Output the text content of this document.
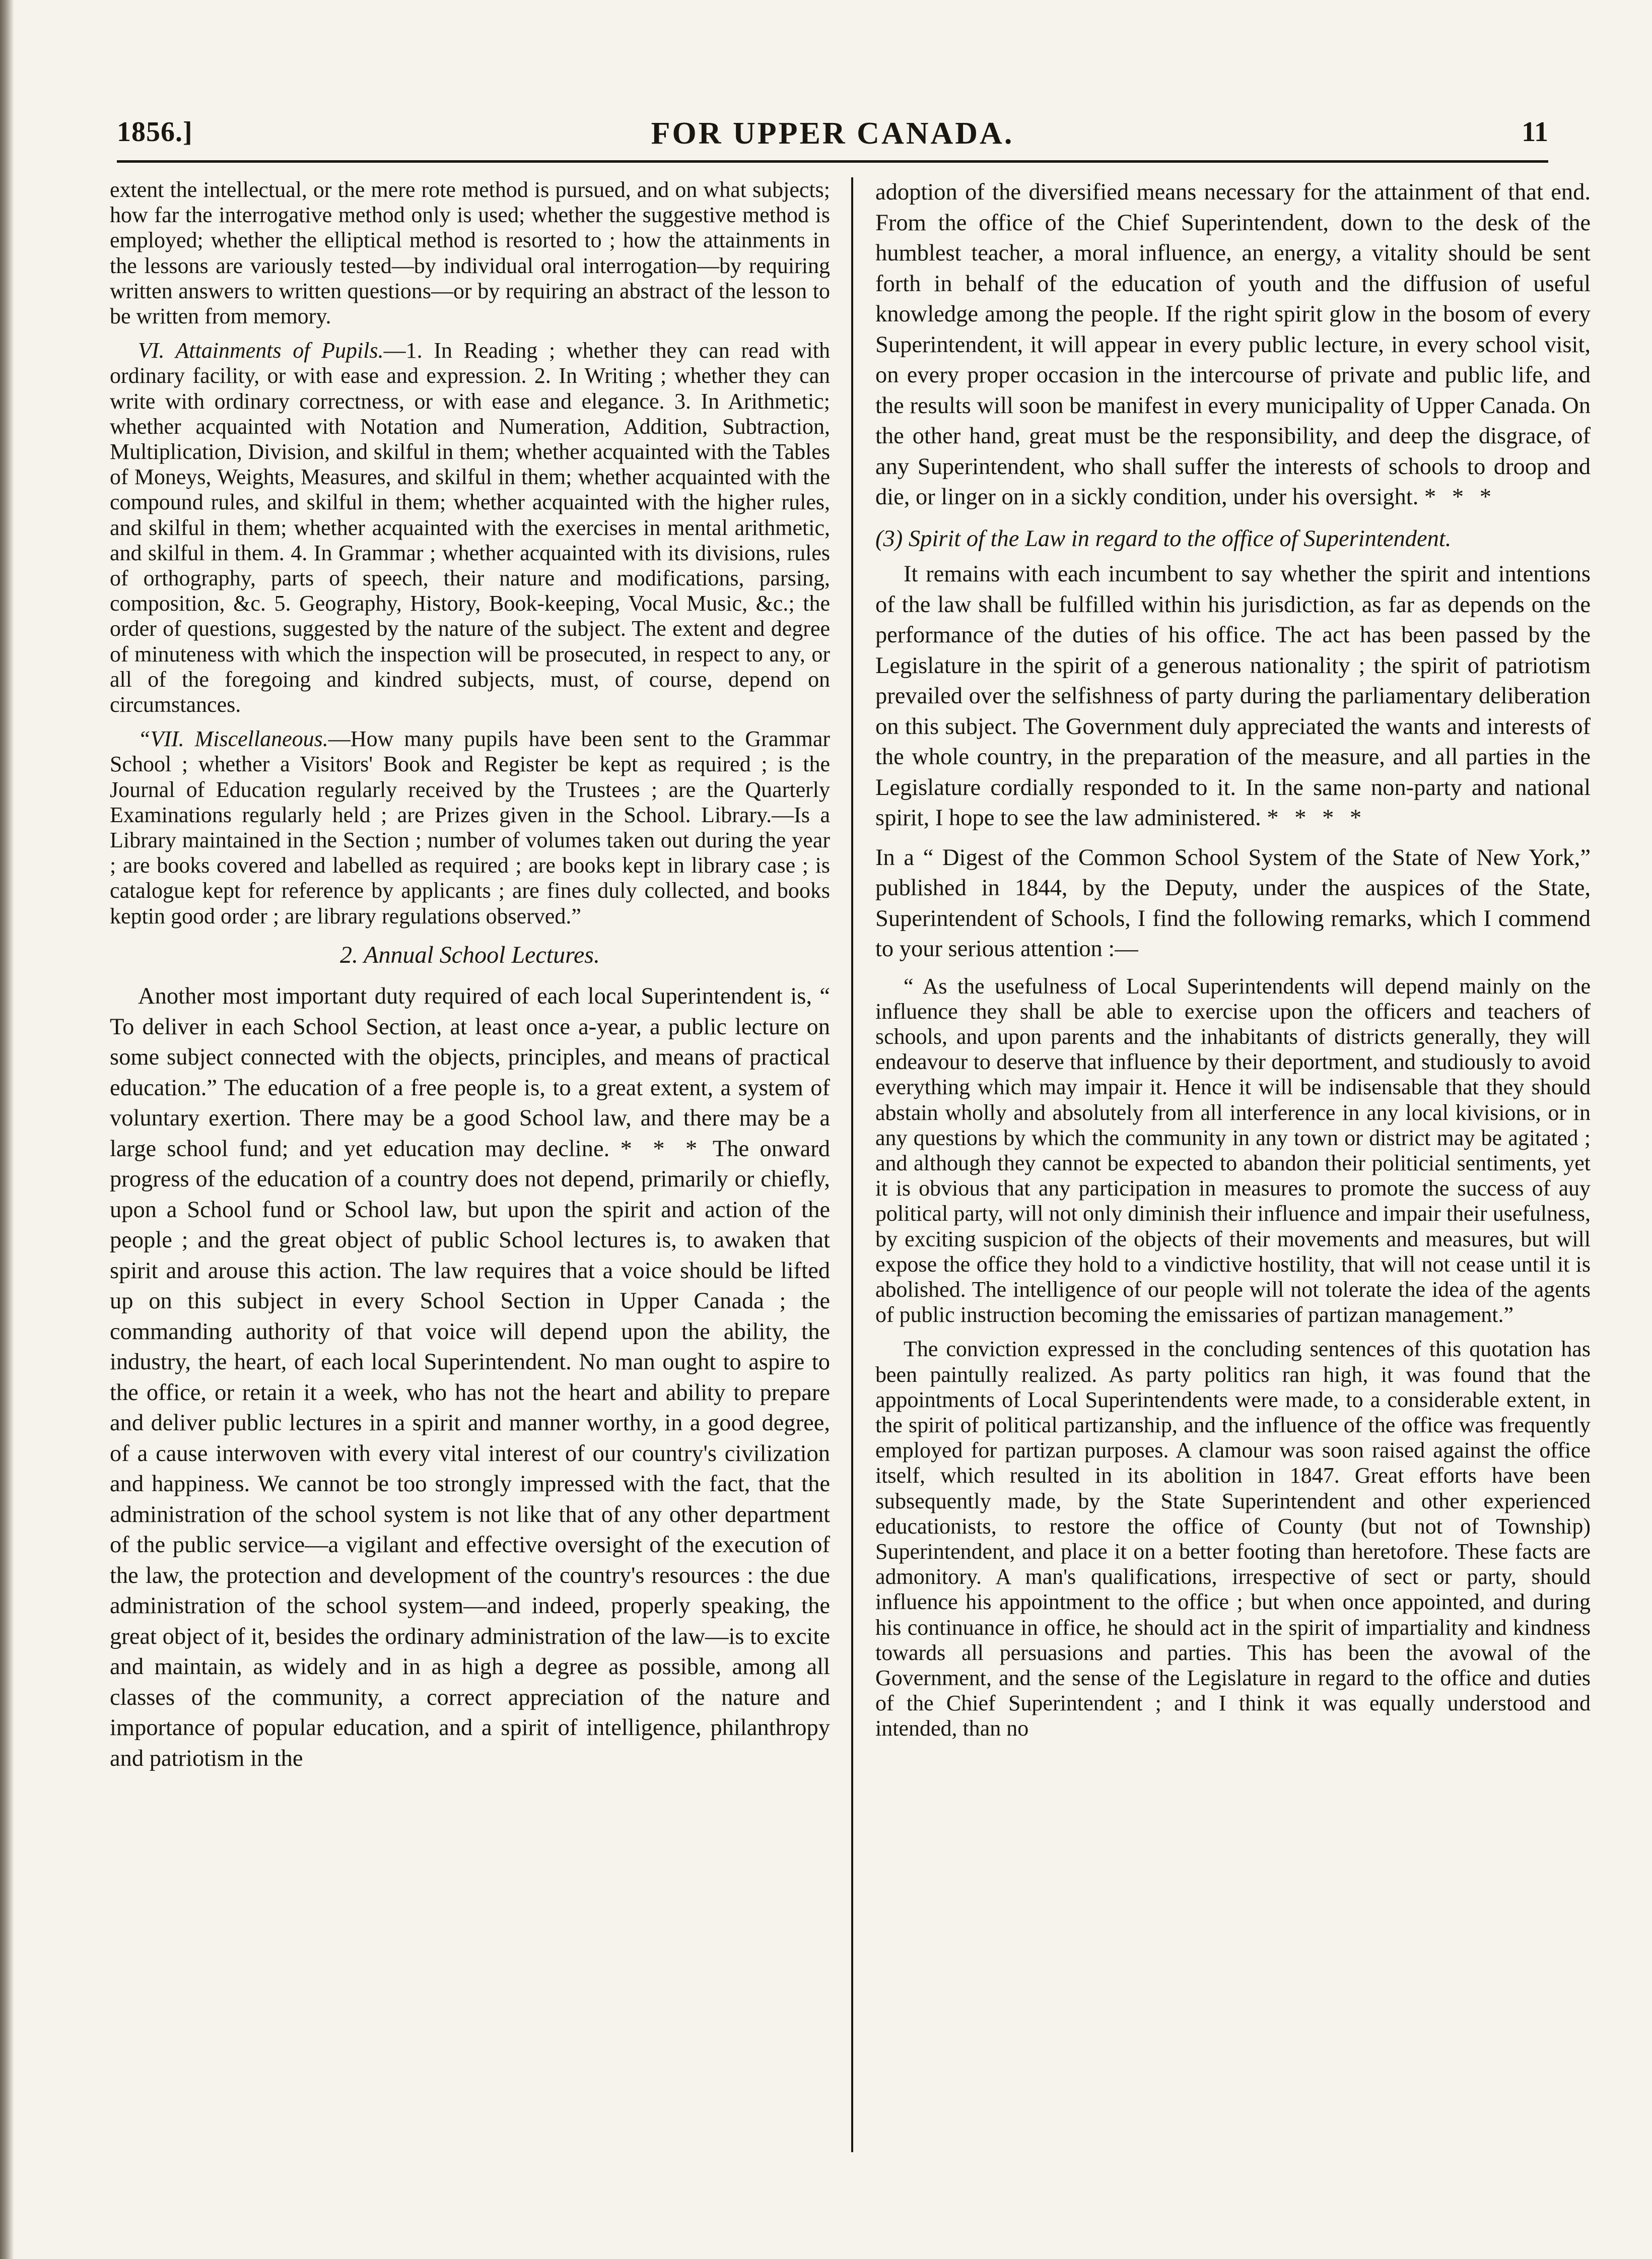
1856.]	FOR UPPER CANADA.	11

extent the intellectual, or the mere rote method is pursued, and on what subjects; how far the interrogative method only is used; whether the suggestive method is employed; whether the elliptical method is resorted to ; how the attainments in the lessons are variously tested—by individual oral interrogation—by requiring written answers to written questions—or by requiring an abstract of the lesson to be written from memory.

VI. Attainments of Pupils.—1. In Reading ; whether they can read with ordinary facility, or with ease and expression. 2. In Writing ; whether they can write with ordinary correctness, or with ease and elegance. 3. In Arithmetic; whether acquainted with Notation and Numeration, Addition, Subtraction, Multiplication, Division, and skilful in them; whether acquainted with the Tables of Moneys, Weights, Measures, and skilful in them; whether acquainted with the compound rules, and skilful in them; whether acquainted with the higher rules, and skilful in them; whether acquainted with the exercises in mental arithmetic, and skilful in them. 4. In Grammar ; whether acquainted with its divisions, rules of orthography, parts of speech, their nature and modifications, parsing, composition, &c. 5. Geography, History, Book-keeping, Vocal Music, &c.; the order of questions, suggested by the nature of the subject. The extent and degree of minuteness with which the inspection will be prosecuted, in respect to any, or all of the foregoing and kindred subjects, must, of course, depend on circumstances.

“VII. Miscellaneous.—How many pupils have been sent to the Grammar School ; whether a Visitors' Book and Register be kept as required ; is the Journal of Education regularly received by the Trustees ; are the Quarterly Examinations regularly held ; are Prizes given in the School. Library.—Is a Library maintained in the Section ; number of volumes taken out during the year ; are books covered and labelled as required ; are books kept in library case ; is catalogue kept for reference by applicants ; are fines duly collected, and books keptin good order ; are library regulations observed.”

2. Annual School Lectures.

Another most important duty required of each local Superintendent is, “ To deliver in each School Section, at least once a-year, a public lecture on some subject connected with the objects, principles, and means of practical education.” The education of a free people is, to a great extent, a system of voluntary exertion. There may be a good School law, and there may be a large school fund; and yet education may decline. * * * The onward progress of the education of a country does not depend, primarily or chiefly, upon a School fund or School law, but upon the spirit and action of the people ; and the great object of public School lectures is, to awaken that spirit and arouse this action. The law requires that a voice should be lifted up on this subject in every School Section in Upper Canada ; the commanding authority of that voice will depend upon the ability, the industry, the heart, of each local Superintendent. No man ought to aspire to the office, or retain it a week, who has not the heart and ability to prepare and deliver public lectures in a spirit and manner worthy, in a good degree, of a cause interwoven with every vital interest of our country's civilization and happiness. We cannot be too strongly impressed with the fact, that the administration of the school system is not like that of any other department of the public service—a vigilant and effective oversight of the execution of the law, the protection and development of the country's resources : the due administration of the school system—and indeed, properly speaking, the great object of it, besides the ordinary administration of the law—is to excite and maintain, as widely and in as high a degree as possible, among all classes of the community, a correct appreciation of the nature and importance of popular education, and a spirit of intelligence, philanthropy and patriotism in the

adoption of the diversified means necessary for the attainment of that end. From the office of the Chief Superintendent, down to the desk of the humblest teacher, a moral influence, an energy, a vitality should be sent forth in behalf of the education of youth and the diffusion of useful knowledge among the people. If the right spirit glow in the bosom of every Superintendent, it will appear in every public lecture, in every school visit, on every proper occasion in the intercourse of private and public life, and the results will soon be manifest in every municipality of Upper Canada. On the other hand, great must be the responsibility, and deep the disgrace, of any Superintendent, who shall suffer the interests of schools to droop and die, or linger on in a sickly condition, under his oversight. * * *

(3) Spirit of the Law in regard to the office of Superintendent.

It remains with each incumbent to say whether the spirit and intentions of the law shall be fulfilled within his jurisdiction, as far as depends on the performance of the duties of his office. The act has been passed by the Legislature in the spirit of a generous nationality ; the spirit of patriotism prevailed over the selfishness of party during the parliamentary deliberation on this subject. The Government duly appreciated the wants and interests of the whole country, in the preparation of the measure, and all parties in the Legislature cordially responded to it. In the same non-party and national spirit, I hope to see the law administered. * * * *

In a “ Digest of the Common School System of the State of New York,” published in 1844, by the Deputy, under the auspices of the State, Superintendent of Schools, I find the following remarks, which I commend to your serious attention :—

“ As the usefulness of Local Superintendents will depend mainly on the influence they shall be able to exercise upon the officers and teachers of schools, and upon parents and the inhabitants of districts generally, they will endeavour to deserve that influence by their deportment, and studiously to avoid everything which may impair it. Hence it will be indisensable that they should abstain wholly and absolutely from all interference in any local kivisions, or in any questions by which the community in any town or district may be agitated ; and although they cannot be expected to abandon their politicial sentiments, yet it is obvious that any participation in measures to promote the success of auy political party, will not only diminish their influence and impair their usefulness, by exciting suspicion of the objects of their movements and measures, but will expose the office they hold to a vindictive hostility, that will not cease until it is abolished. The intelligence of our people will not tolerate the idea of the agents of public instruction becoming the emissaries of partizan management.”

The conviction expressed in the concluding sentences of this quotation has been paintully realized. As party politics ran high, it was found that the appointments of Local Superintendents were made, to a considerable extent, in the spirit of political partizanship, and the influence of the office was frequently employed for partizan purposes. A clamour was soon raised against the office itself, which resulted in its abolition in 1847. Great efforts have been subsequently made, by the State Superintendent and other experienced educationists, to restore the office of County (but not of Township) Superintendent, and place it on a better footing than heretofore. These facts are admonitory. A man's qualifications, irrespective of sect or party, should influence his appointment to the office ; but when once appointed, and during his continuance in office, he should act in the spirit of impartiality and kindness towards all persuasions and parties. This has been the avowal of the Government, and the sense of the Legislature in regard to the office and duties of the Chief Superintendent ; and I think it was equally understood and intended, than no
